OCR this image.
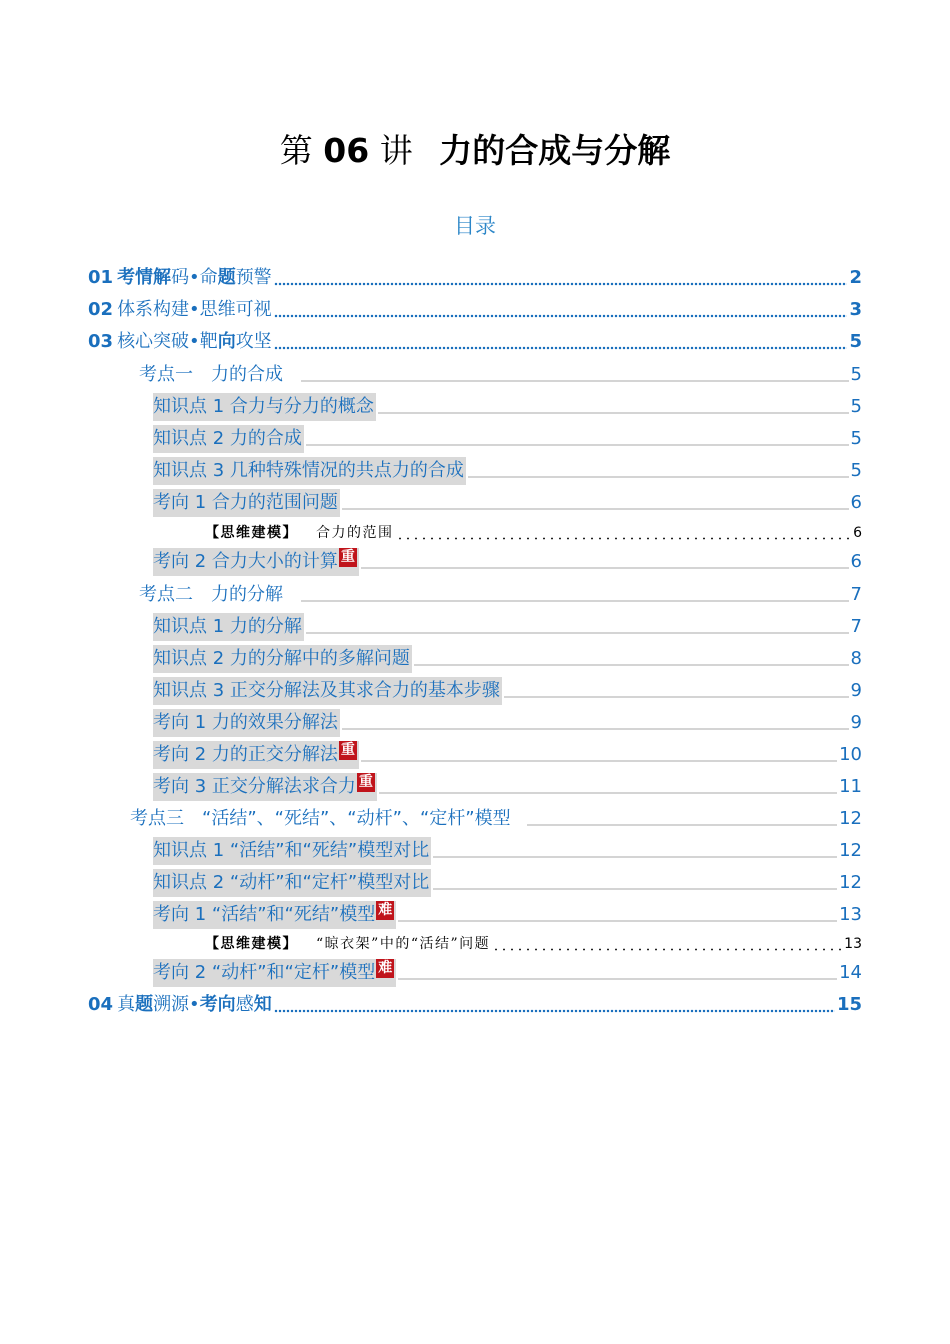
第 06 讲 力的合成与分解
目录
01 考情解 码•命 题 预警	2
02 体系构建•思维可视	3
03 核心突破•靶 向 攻坚	5
考点一　力的合成	5
知识点 1 合力与分力的概念	5
知识点 2 力的合成	5
知识点 3 几种特殊情况的共点力的合成	5
考向 1 合力的范围问题	6
【思维建模】 合力的范围	6
考向 2 合力大小的计算 重	6
考点二　力的分解	7
知识点 1 力的分解	7
知识点 2 力的分解中的多解问题	8
知识点 3 正交分解法及其求合力的基本步骤	9
考向 1 力的效果分解法	9
考向 2 力的正交分解法 重	10
考向 3 正交分解法求合力 重	11
考点三　“活结”、“死结”、“动杆”、“定杆”模型	12
知识点 1 “活结”和“死结”模型对比	12
知识点 2 “动杆”和“定杆”模型对比	12
考向 1 “活结”和“死结”模型 难	13
【思维建模】 “晾衣架”中的“活结”问题	13
考向 2 “动杆”和“定杆”模型 难	14
04 真 题 溯源• 考向 感 知	15
